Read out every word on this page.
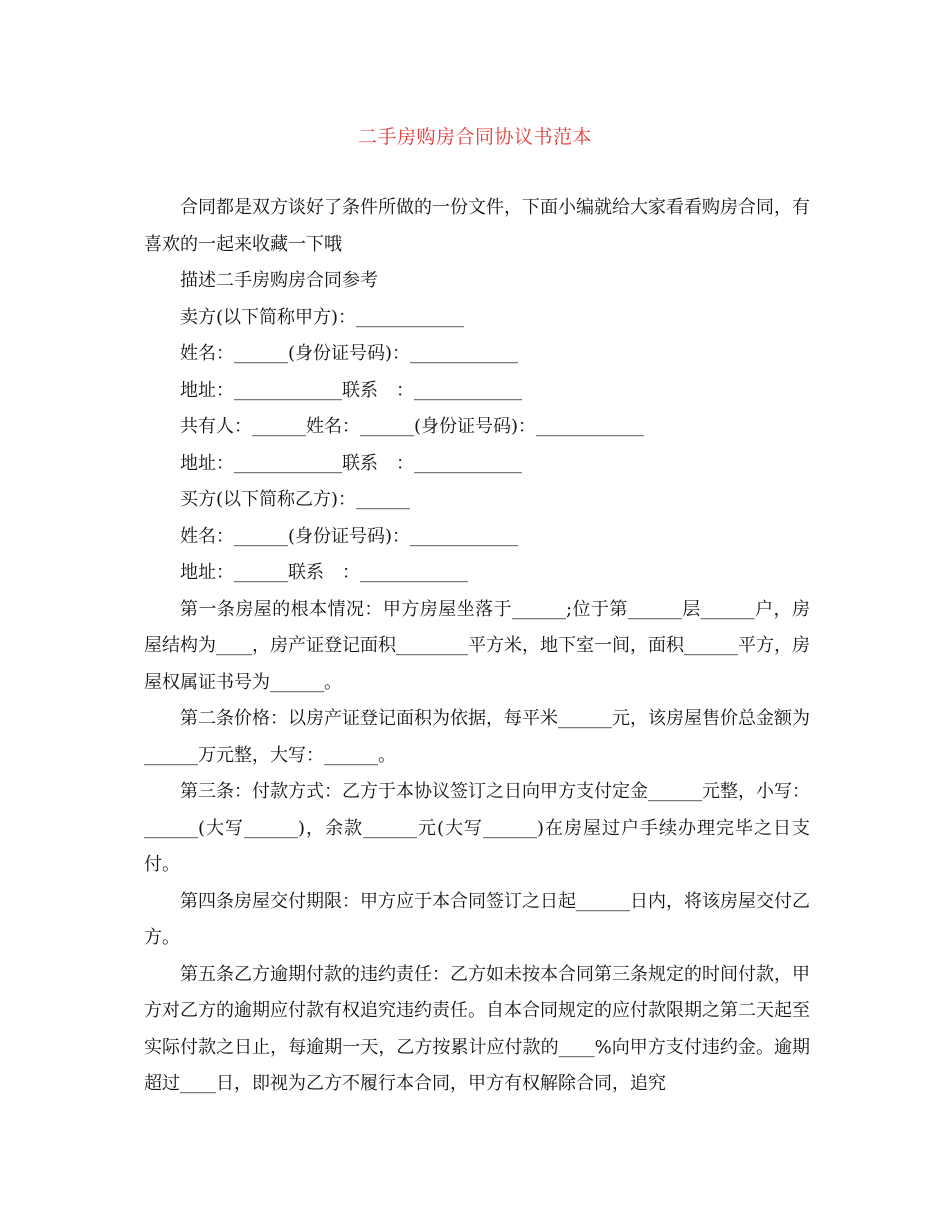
二手房购房合同协议书范本

合同都是双方谈好了条件所做的一份文件，下面小编就给大家看看购房合同，有喜欢的一起来收藏一下哦

描述二手房购房合同参考

卖方(以下简称甲方)：____________

姓名：______(身份证号码)：____________

地址：____________联系　：____________

共有人：______姓名：______(身份证号码)：____________

地址：____________联系　：____________

买方(以下简称乙方)：______

姓名：______(身份证号码)：____________

地址：______联系　：____________

第一条房屋的根本情况：甲方房屋坐落于______;位于第______层______户，房屋结构为____，房产证登记面积________平方米，地下室一间，面积______平方，房屋权属证书号为______。

第二条价格：以房产证登记面积为依据，每平米______元，该房屋售价总金额为______万元整，大写：______。

第三条：付款方式：乙方于本协议签订之日向甲方支付定金______元整，小写：______(大写______)，余款______元(大写______)在房屋过户手续办理完毕之日支付。

第四条房屋交付期限：甲方应于本合同签订之日起______日内，将该房屋交付乙方。

第五条乙方逾期付款的违约责任：乙方如未按本合同第三条规定的时间付款，甲方对乙方的逾期应付款有权追究违约责任。自本合同规定的应付款限期之第二天起至实际付款之日止，每逾期一天，乙方按累计应付款的____%向甲方支付违约金。逾期超过____日，即视为乙方不履行本合同，甲方有权解除合同，追究
